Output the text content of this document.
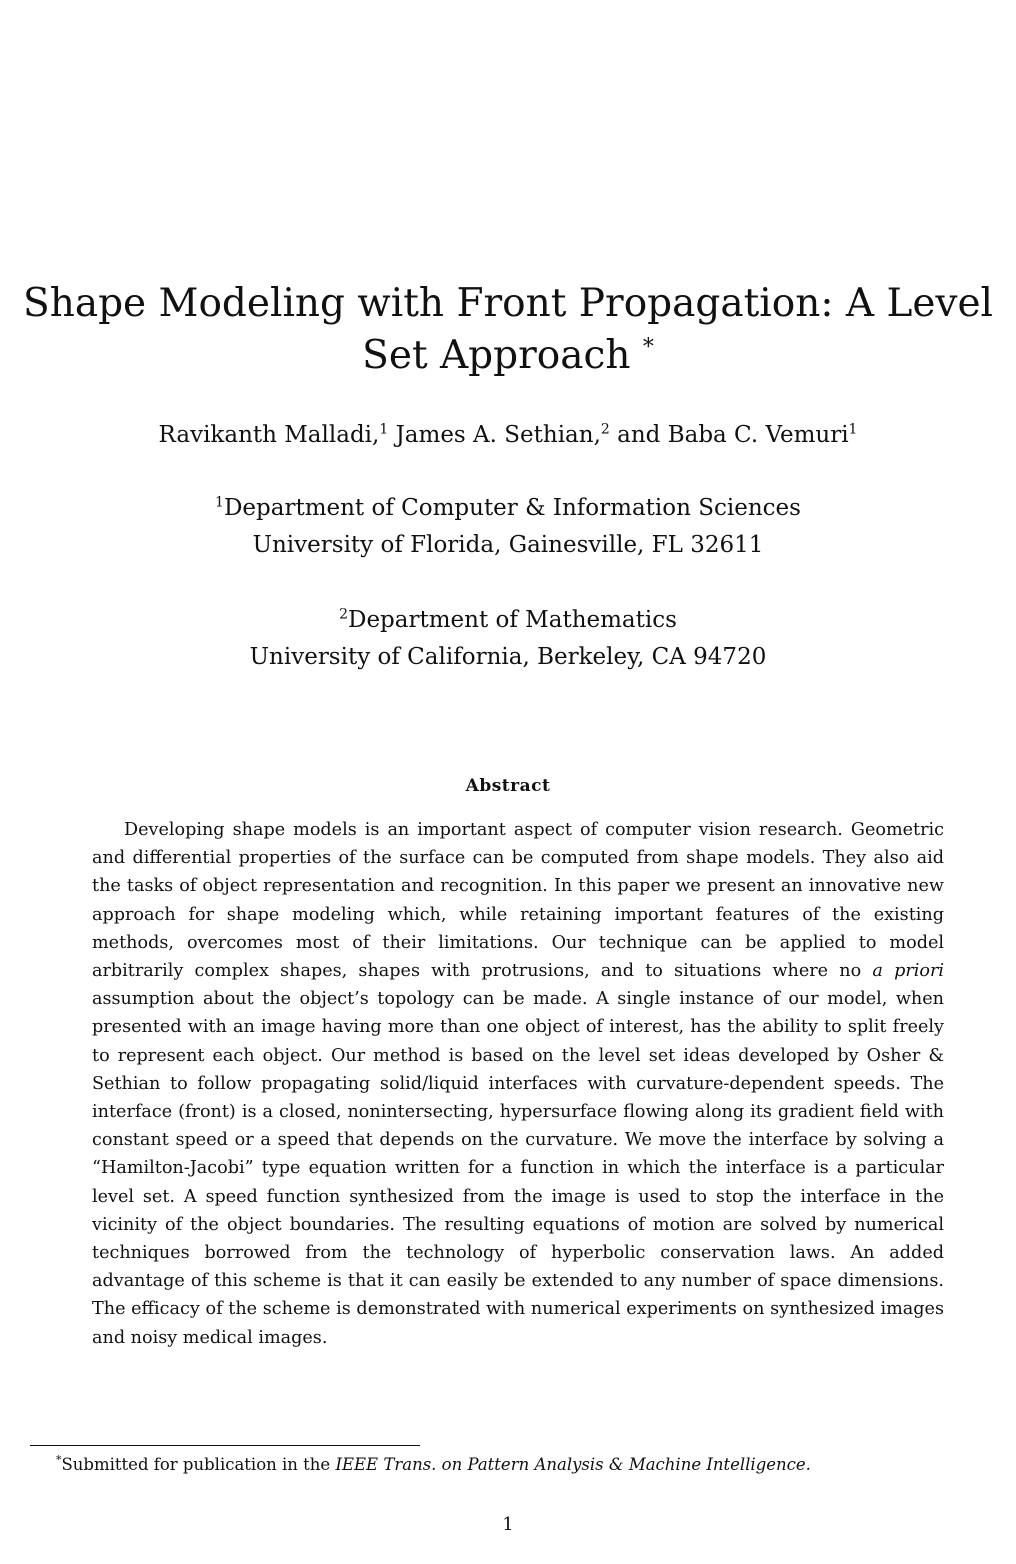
Shape Modeling with Front Propagation: A Level
Set Approach *
Ravikanth Malladi,$^1$ James A. Sethian,$^2$ and Baba C. Vemuri$^1$
$^1$Department of Computer & Information Sciences
University of Florida, Gainesville, FL 32611
$^2$Department of Mathematics
University of California, Berkeley, CA 94720
Abstract

Developing shape models is an important aspect of computer vision research. Geometric and differential properties of the surface can be computed from shape models. They also aid the tasks of object representation and recognition. In this paper we present an innovative new approach for shape modeling which, while retaining important features of the existing methods, overcomes most of their limitations. Our technique can be applied to model arbitrarily complex shapes, shapes with protrusions, and to situations where no a priori assumption about the object’s topology can be made. A single instance of our model, when presented with an image having more than one object of interest, has the ability to split freely to represent each object. Our method is based on the level set ideas developed by Osher & Sethian to follow propagating solid/liquid interfaces with curvature-dependent speeds. The interface (front) is a closed, nonintersecting, hypersurface flowing along its gradient field with constant speed or a speed that depends on the curvature. We move the interface by solving a “Hamilton-Jacobi” type equation written for a function in which the interface is a particular level set. A speed function synthesized from the image is used to stop the interface in the vicinity of the object boundaries. The resulting equations of motion are solved by numerical techniques borrowed from the technology of hyperbolic conservation laws. An added advantage of this scheme is that it can easily be extended to any number of space dimensions. The efficacy of the scheme is demonstrated with numerical experiments on synthesized images and noisy medical images.

*Submitted for publication in the IEEE Trans. on Pattern Analysis & Machine Intelligence.
1
